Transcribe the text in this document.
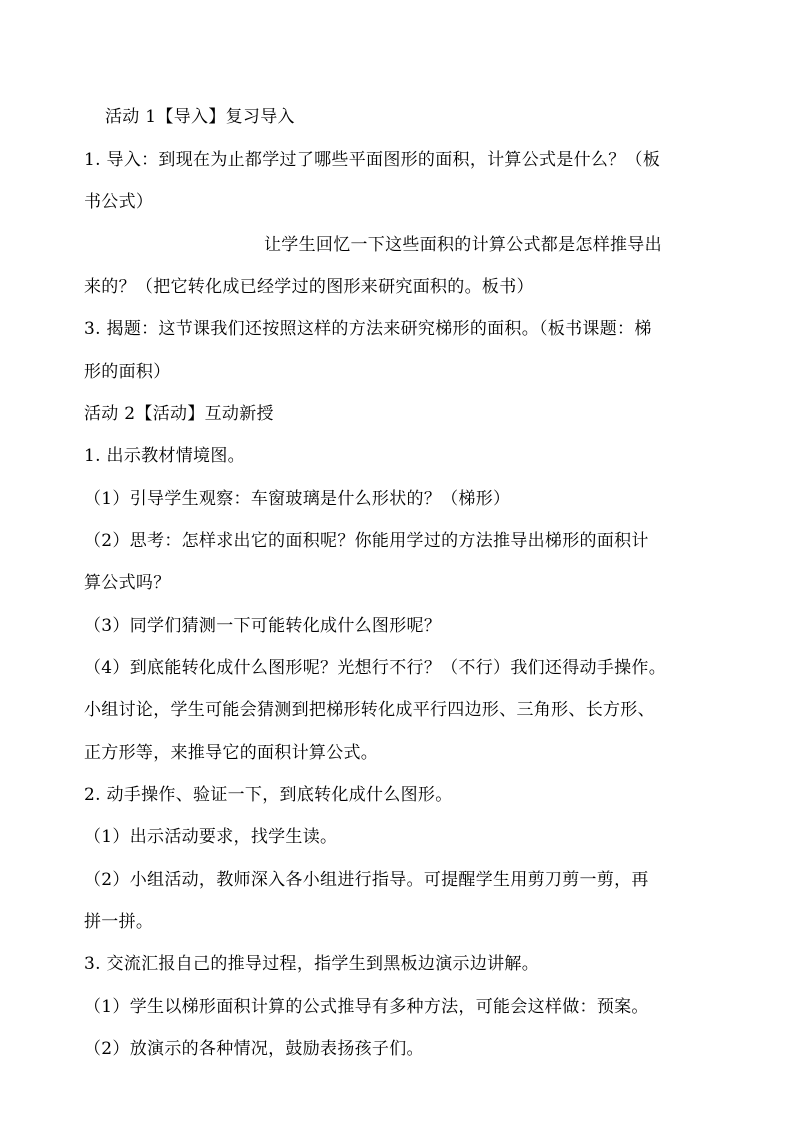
活动 1【导入】复习导入
1. 导入：到现在为止都学过了哪些平面图形的面积，计算公式是什么？（板
书公式）
让学生回忆一下这些面积的计算公式都是怎样推导出
来的？（把它转化成已经学过的图形来研究面积的。板书）
3. 揭题：这节课我们还按照这样的方法来研究梯形的面积。（板书课题：梯
形的面积）
活动 2【活动】互动新授
1. 出示教材情境图。
（1）引导学生观察：车窗玻璃是什么形状的？（梯形）
（2）思考：怎样求出它的面积呢？你能用学过的方法推导出梯形的面积计
算公式吗？
（3）同学们猜测一下可能转化成什么图形呢？
（4）到底能转化成什么图形呢？光想行不行？（不行）我们还得动手操作。
小组讨论，学生可能会猜测到把梯形转化成平行四边形、三角形、长方形、
正方形等，来推导它的面积计算公式。
2. 动手操作、验证一下，到底转化成什么图形。
（1）出示活动要求，找学生读。
（2）小组活动，教师深入各小组进行指导。可提醒学生用剪刀剪一剪，再
拼一拼。
3. 交流汇报自己的推导过程，指学生到黑板边演示边讲解。
（1）学生以梯形面积计算的公式推导有多种方法，可能会这样做：预案。
（2）放演示的各种情况，鼓励表扬孩子们。
